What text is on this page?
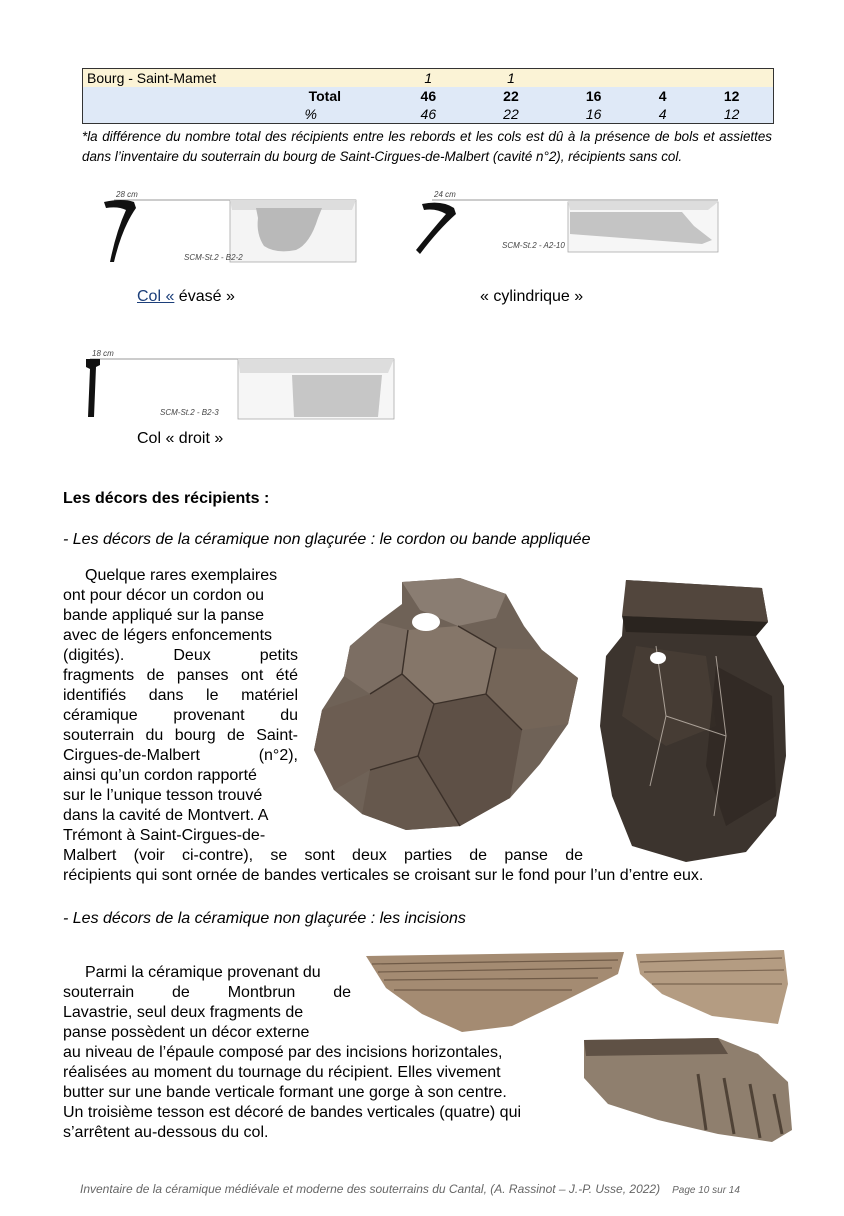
Bourg - Saint-Mamet	1	1			
Total	46	22	16	4	12
%	46	22	16	4	12
*la différence du nombre total des récipients entre les rebords et les cols est dû à la présence de bols et assiettes dans l’inventaire du souterrain du bourg de Saint-Cirgues-de-Malbert (cavité n°2), récipients sans col.
28 cm
SCM-St.2 - B2-2
Col « évasé »
24 cm
SCM-St.2 - A2-10
« cylindrique »
18 cm
SCM-St.2 - B2-3
Col « droit »
Les décors des récipients :
- Les décors de la céramique non glaçurée : le cordon ou bande appliquée
Quelque rares exemplaires
ont pour décor un cordon ou
bande appliqué sur la panse
avec de légers enfoncements
(digités). Deux petits
fragments de panses ont été
identifiés dans le matériel
céramique provenant du
souterrain du bourg de Saint-
Cirgues-de-Malbert (n°2),
ainsi qu’un cordon rapporté
sur le l’unique tesson trouvé
dans la cavité de Montvert. A
Trémont à Saint-Cirgues-de-
Malbert (voir ci-contre), se sont deux parties de panse de
récipients qui sont ornée de bandes verticales se croisant sur le fond pour l’un d’entre eux.
- Les décors de la céramique non glaçurée : les incisions
Parmi la céramique provenant du
souterrain de Montbrun de
Lavastrie, seul deux fragments de
panse possèdent un décor externe
au niveau de l’épaule composé par des incisions horizontales,
réalisées au moment du tournage du récipient. Elles vivement
butter sur une bande verticale formant une gorge à son centre.
Un troisième tesson est décoré de bandes verticales (quatre) qui
s’arrêtent au-dessous du col.
Inventaire de la céramique médiévale et moderne des souterrains du Cantal, (A. Rassinot – J.-P. Usse, 2022) Page 10 sur 14
